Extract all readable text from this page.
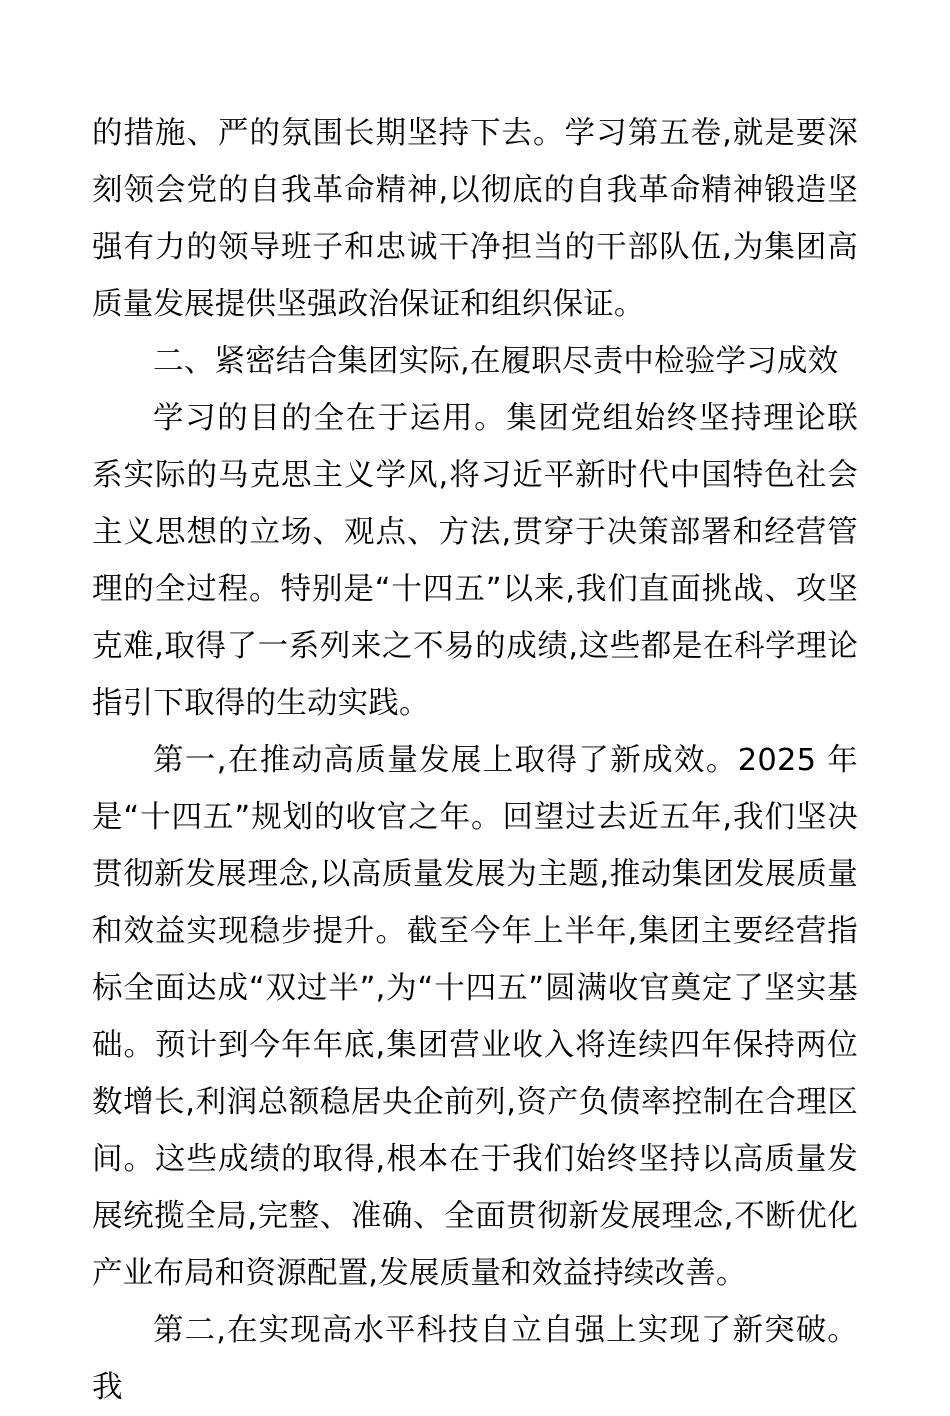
的措施、严的氛围长期坚持下去。学习第五卷,就是要深刻领会党的自我革命精神,以彻底的自我革命精神锻造坚强有力的领导班子和忠诚干净担当的干部队伍,为集团高质量发展提供坚强政治保证和组织保证。

二、紧密结合集团实际,在履职尽责中检验学习成效

学习的目的全在于运用。集团党组始终坚持理论联系实际的马克思主义学风,将习近平新时代中国特色社会主义思想的立场、观点、方法,贯穿于决策部署和经营管理的全过程。特别是“十四五”以来,我们直面挑战、攻坚克难,取得了一系列来之不易的成绩,这些都是在科学理论指引下取得的生动实践。

第一,在推动高质量发展上取得了新成效。2025 年是“十四五”规划的收官之年。回望过去近五年,我们坚决贯彻新发展理念,以高质量发展为主题,推动集团发展质量和效益实现稳步提升。截至今年上半年,集团主要经营指标全面达成“双过半”,为“十四五”圆满收官奠定了坚实基础。预计到今年年底,集团营业收入将连续四年保持两位数增长,利润总额稳居央企前列,资产负债率控制在合理区间。这些成绩的取得,根本在于我们始终坚持以高质量发展统揽全局,完整、准确、全面贯彻新发展理念,不断优化产业布局和资源配置,发展质量和效益持续改善。

第二,在实现高水平科技自立自强上实现了新突破。我
